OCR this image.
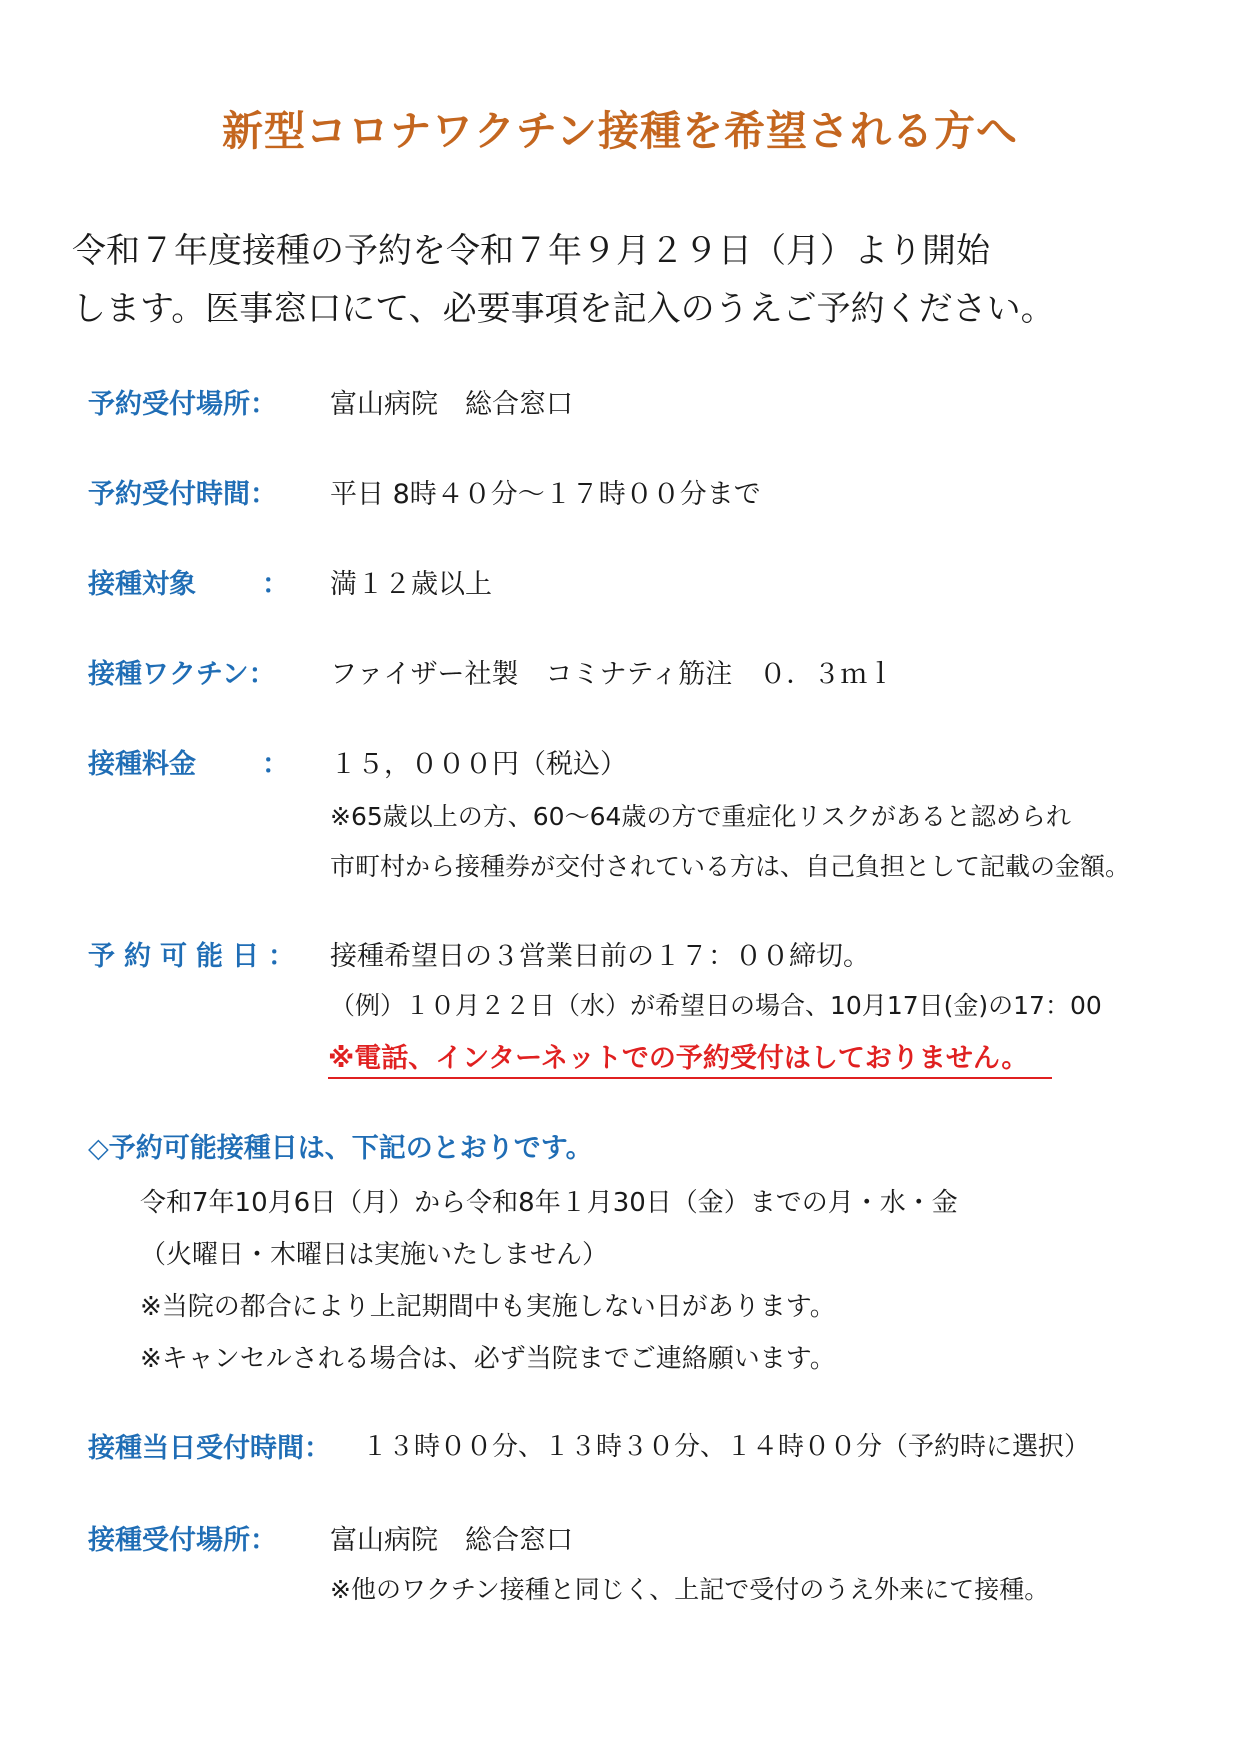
新型コロナワクチン接種を希望される方へ
令和７年度接種の予約を令和７年９月２９日（月）より開始
します。医事窓口にて、必要事項を記入のうえご予約ください。
予約受付場所： 富山病院　総合窓口
予約受付時間： 平日 8時４０分～１７時００分まで
接種対象 ： 満１２歳以上
接種ワクチン： ファイザー社製　コミナティ筋注　０．３ｍｌ
接種料金 ： １５，０００円（税込）
※65歳以上の方、60～64歳の方で重症化リスクがあると認められ
市町村から接種券が交付されている方は、自己負担として記載の金額。
予約可能日： 接種希望日の３営業日前の１７：００締切。
（例）１０月２２日（水）が希望日の場合、10月17日(金)の17：00
※電話、インターネットでの予約受付はしておりません。
◇予約可能接種日は、下記のとおりです。
令和7年10月6日（月）から令和8年１月30日（金）までの月・水・金
（火曜日・木曜日は実施いたしません）
※当院の都合により上記期間中も実施しない日があります。
※キャンセルされる場合は、必ず当院までご連絡願います。
接種当日受付時間： １３時００分、１３時３０分、１４時００分（予約時に選択）
接種受付場所： 富山病院　総合窓口
※他のワクチン接種と同じく、上記で受付のうえ外来にて接種。
